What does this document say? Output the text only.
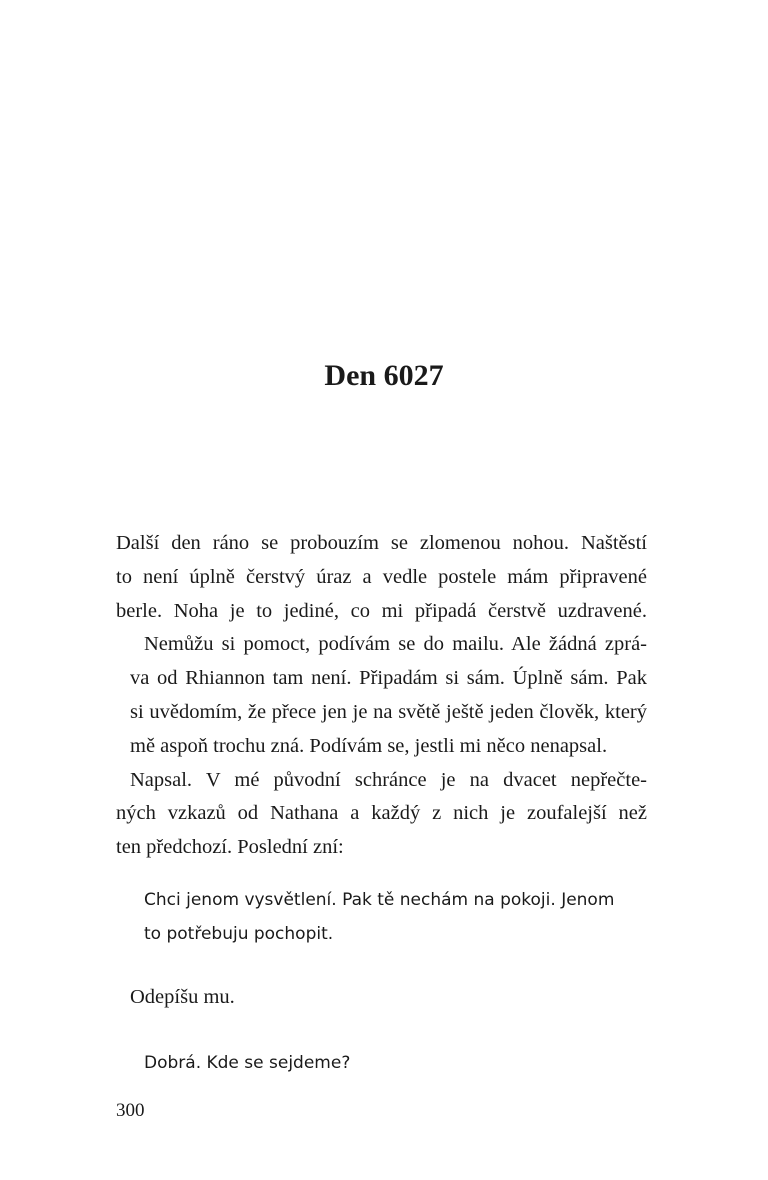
Den 6027

Další den ráno se probouzím se zlomenou nohou. Naštěstí
to není úplně čerstvý úraz a vedle postele mám připravené
berle. Noha je to jediné, co mi připadá čerstvě uzdravené.

Nemůžu si pomoct, podívám se do mailu. Ale žádná zprá-
va od Rhiannon tam není. Připadám si sám. Úplně sám. Pak
si uvědomím, že přece jen je na světě ještě jeden člověk, který
mě aspoň trochu zná. Podívám se, jestli mi něco nenapsal.

Napsal. V mé původní schránce je na dvacet nepřečte-
ných vzkazů od Nathana a každý z nich je zoufalejší než
ten předchozí. Poslední zní:

Chci jenom vysvětlení. Pak tě nechám na pokoji. Jenom
to potřebuju pochopit.
Odepíšu mu.
Dobrá. Kde se sejdeme?
300
